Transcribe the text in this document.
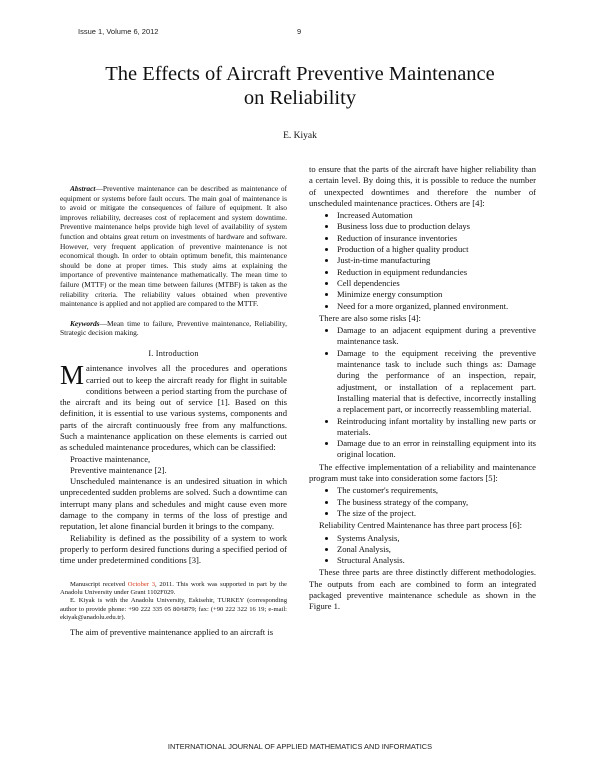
Issue 1, Volume 6, 2012	9
The Effects of Aircraft Preventive Maintenance
on Reliability
E. Kiyak

Abstract—Preventive maintenance can be described as maintenance of equipment or systems before fault occurs. The main goal of maintenance is to avoid or mitigate the consequences of failure of equipment. It also improves reliability, decreases cost of replacement and system downtime. Preventive maintenance helps provide high level of availability of system function and obtains great return on investments of hardware and software. However, very frequent application of preventive maintenance is not economical though. In order to obtain optimum benefit, this maintenance should be done at proper times. This study aims at explaining the importance of preventive maintenance mathematically. The mean time to failure (MTTF) or the mean time between failures (MTBF) is taken as the reliability criteria. The reliability values obtained when preventive maintenance is applied and not applied are compared to the MTTF.

Keywords—Mean time to failure, Preventive maintenance, Reliability, Strategic decision making.

I. Introduction

Maintenance involves all the procedures and operations carried out to keep the aircraft ready for flight in suitable conditions between a period starting from the purchase of the aircraft and its being out of service [1]. Based on this definition, it is essential to use various systems, components and parts of the aircraft continuously free from any malfunctions. Such a maintenance application on these elements is carried out as scheduled maintenance procedures, which can be classified:

Proactive maintenance,

Preventive maintenance [2].

Unscheduled maintenance is an undesired situation in which unprecedented sudden problems are solved. Such a downtime can interrupt many plans and schedules and might cause even more damage to the company in terms of the loss of prestige and reputation, let alone financial burden it brings to the company.

Reliability is defined as the possibility of a system to work properly to perform desired functions during a specified period of time under predetermined conditions [3].

Manuscript received October 3, 2011. This work was supported in part by the Anadolu University under Grant 1102F029.

E. Kiyak is with the Anadolu University, Eskisehir, TURKEY (corresponding author to provide phone: +90 222 335 05 80/6879; fax: (+90 222 322 16 19; e-mail: ekiyak@anadolu.edu.tr).

The aim of preventive maintenance applied to an aircraft is

to ensure that the parts of the aircraft have higher reliability than a certain level. By doing this, it is possible to reduce the number of unexpected downtimes and therefore the number of unscheduled maintenance practices. Others are [4]:

• Increased Automation
• Business loss due to production delays
• Reduction of insurance inventories
• Production of a higher quality product
• Just-in-time manufacturing
• Reduction in equipment redundancies
• Cell dependencies
• Minimize energy consumption
• Need for a more organized, planned environment.

There are also some risks [4]:

• Damage to an adjacent equipment during a preventive maintenance task.
• Damage to the equipment receiving the preventive maintenance task to include such things as: Damage during the performance of an inspection, repair, adjustment, or installation of a replacement part. Installing material that is defective, incorrectly installing a replacement part, or incorrectly reassembling material.
• Reintroducing infant mortality by installing new parts or materials.
• Damage due to an error in reinstalling equipment into its original location.

The effective implementation of a reliability and maintenance program must take into consideration some factors [5]:

• The customer's requirements,
• The business strategy of the company,
• The size of the project.

Reliability Centred Maintenance has three part process [6]:

• Systems Analysis,
• Zonal Analysis,
• Structural Analysis.

These three parts are three distinctly different methodologies. The outputs from each are combined to form an integrated packaged preventive maintenance schedule as shown in the Figure 1.

INTERNATIONAL JOURNAL OF APPLIED MATHEMATICS AND INFORMATICS
